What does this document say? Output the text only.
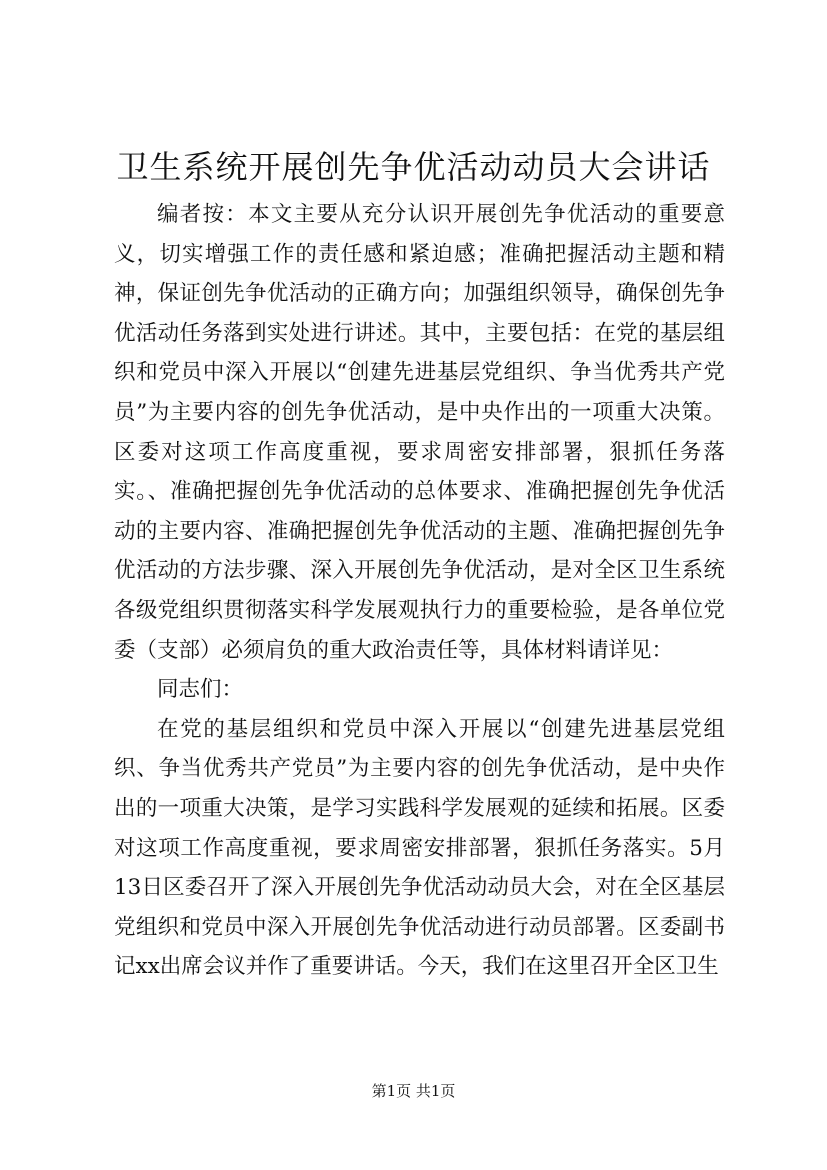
卫生系统开展创先争优活动动员大会讲话

编者按：本文主要从充分认识开展创先争优活动的重要意义，切实增强工作的责任感和紧迫感；准确把握活动主题和精神，保证创先争优活动的正确方向；加强组织领导，确保创先争优活动任务落到实处进行讲述。其中，主要包括：在党的基层组织和党员中深入开展以“创建先进基层党组织、争当优秀共产党员”为主要内容的创先争优活动，是中央作出的一项重大决策。区委对这项工作高度重视，要求周密安排部署，狠抓任务落实。、准确把握创先争优活动的总体要求、准确把握创先争优活动的主要内容、准确把握创先争优活动的主题、准确把握创先争优活动的方法步骤、深入开展创先争优活动，是对全区卫生系统各级党组织贯彻落实科学发展观执行力的重要检验，是各单位党委（支部）必须肩负的重大政治责任等，具体材料请详见：

同志们：

在党的基层组织和党员中深入开展以“创建先进基层党组织、争当优秀共产党员”为主要内容的创先争优活动，是中央作出的一项重大决策，是学习实践科学发展观的延续和拓展。区委对这项工作高度重视，要求周密安排部署，狠抓任务落实。5月13日区委召开了深入开展创先争优活动动员大会，对在全区基层党组织和党员中深入开展创先争优活动进行动员部署。区委副书记xx出席会议并作了重要讲话。今天，我们在这里召开全区卫生

第1页 共1页
